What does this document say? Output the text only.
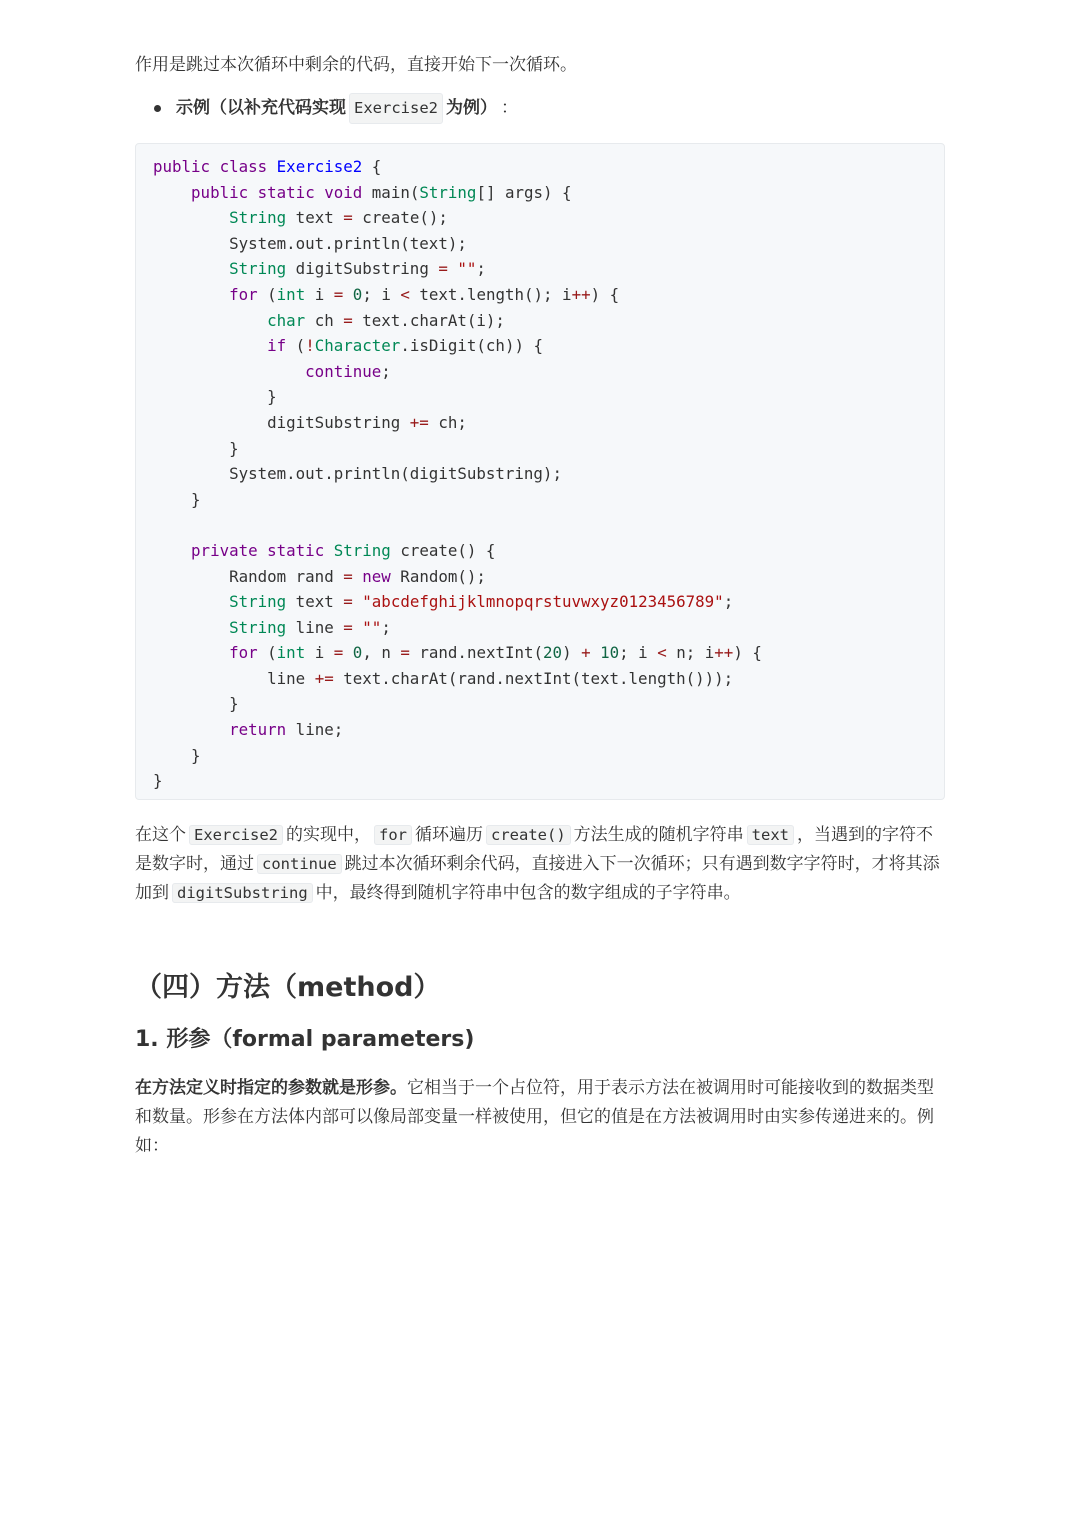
作用是跳过本次循环中剩余的代码，直接开始下一次循环。

示例（以补充代码实现 Exercise2 为例） ：
public class Exercise2 {
public static void main(String[] args) {
String text = create();
System.out.println(text);
String digitSubstring = "";
for (int i = 0; i < text.length(); i++) {
char ch = text.charAt(i);
if (!Character.isDigit(ch)) {
continue;
}
digitSubstring += ch;
}
System.out.println(digitSubstring);
}

private static String create() {
Random rand = new Random();
String text = "abcdefghijklmnopqrstuvwxyz0123456789";
String line = "";
for (int i = 0, n = rand.nextInt(20) + 10; i < n; i++) {
line += text.charAt(rand.nextInt(text.length()));
}
return line;
}
}

在这个 Exercise2 的实现中， for 循环遍历 create() 方法生成的随机字符串 text ，当遇到的字符不是数字时，通过 continue 跳过本次循环剩余代码，直接进入下一次循环；只有遇到数字字符时，才将其添加到 digitSubstring 中，最终得到随机字符串中包含的数字组成的子字符串。

（四）方法（method）
1. 形参（formal parameters)

在方法定义时指定的参数就是形参。它相当于一个占位符，用于表示方法在被调用时可能接收到的数据类型和数量。形参在方法体内部可以像局部变量一样被使用，但它的值是在方法被调用时由实参传递进来的。例如：
